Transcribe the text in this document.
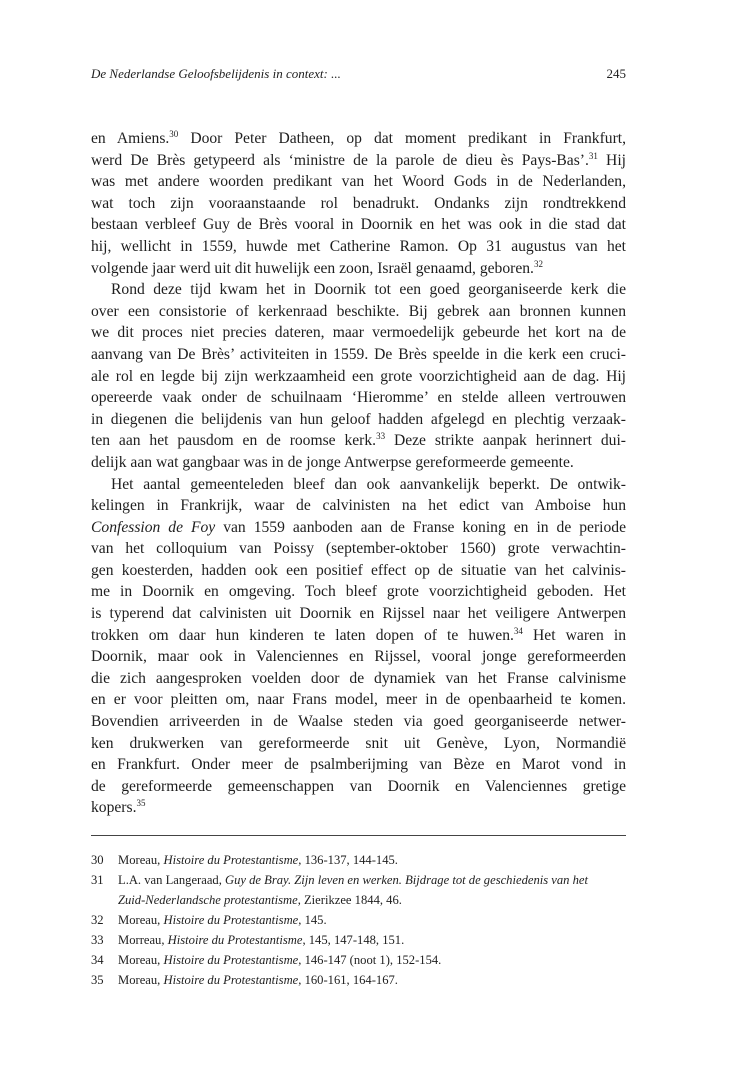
De Nederlandse Geloofsbelijdenis in context: ...	245
en Amiens.$^{30}$ Door Peter Datheen, op dat moment predikant in Frankfurt,
werd De Brès getypeerd als ‘ministre de la parole de dieu ès Pays-Bas’.$^{31}$ Hij
was met andere woorden predikant van het Woord Gods in de Nederlanden,
wat toch zijn vooraanstaande rol benadrukt. Ondanks zijn rondtrekkend
bestaan verbleef Guy de Brès vooral in Doornik en het was ook in die stad dat
hij, wellicht in 1559, huwde met Catherine Ramon. Op 31 augustus van het
volgende jaar werd uit dit huwelijk een zoon, Israël genaamd, geboren.$^{32}$
Rond deze tijd kwam het in Doornik tot een goed georganiseerde kerk die
over een consistorie of kerkenraad beschikte. Bij gebrek aan bronnen kunnen
we dit proces niet precies dateren, maar vermoedelijk gebeurde het kort na de
aanvang van De Brès’ activiteiten in 1559. De Brès speelde in die kerk een cruci-
ale rol en legde bij zijn werkzaamheid een grote voorzichtigheid aan de dag. Hij
opereerde vaak onder de schuilnaam ‘Hieromme’ en stelde alleen vertrouwen
in diegenen die belijdenis van hun geloof hadden afgelegd en plechtig verzaak-
ten aan het pausdom en de roomse kerk.$^{33}$ Deze strikte aanpak herinnert dui-
delijk aan wat gangbaar was in de jonge Antwerpse gereformeerde gemeente.
Het aantal gemeenteleden bleef dan ook aanvankelijk beperkt. De ontwik-
kelingen in Frankrijk, waar de calvinisten na het edict van Amboise hun
Confession de Foy van 1559 aanboden aan de Franse koning en in de periode
van het colloquium van Poissy (september-oktober 1560) grote verwachtin-
gen koesterden, hadden ook een positief effect op de situatie van het calvinis-
me in Doornik en omgeving. Toch bleef grote voorzichtigheid geboden. Het
is typerend dat calvinisten uit Doornik en Rijssel naar het veiligere Antwerpen
trokken om daar hun kinderen te laten dopen of te huwen.$^{34}$ Het waren in
Doornik, maar ook in Valenciennes en Rijssel, vooral jonge gereformeerden
die zich aangesproken voelden door de dynamiek van het Franse calvinisme
en er voor pleitten om, naar Frans model, meer in de openbaarheid te komen.
Bovendien arriveerden in de Waalse steden via goed georganiseerde netwer-
ken drukwerken van gereformeerde snit uit Genève, Lyon, Normandië
en Frankfurt. Onder meer de psalmberijming van Bèze en Marot vond in
de gereformeerde gemeenschappen van Doornik en Valenciennes gretige
kopers.$^{35}$
30 Moreau, Histoire du Protestantisme, 136-137, 144-145.
31 L.A. van Langeraad, Guy de Bray. Zijn leven en werken. Bijdrage tot de geschiedenis van het
Zuid-Nederlandsche protestantisme, Zierikzee 1844, 46.
32 Moreau, Histoire du Protestantisme, 145.
33 Morreau, Histoire du Protestantisme, 145, 147-148, 151.
34 Moreau, Histoire du Protestantisme, 146-147 (noot 1), 152-154.
35 Moreau, Histoire du Protestantisme, 160-161, 164-167.
